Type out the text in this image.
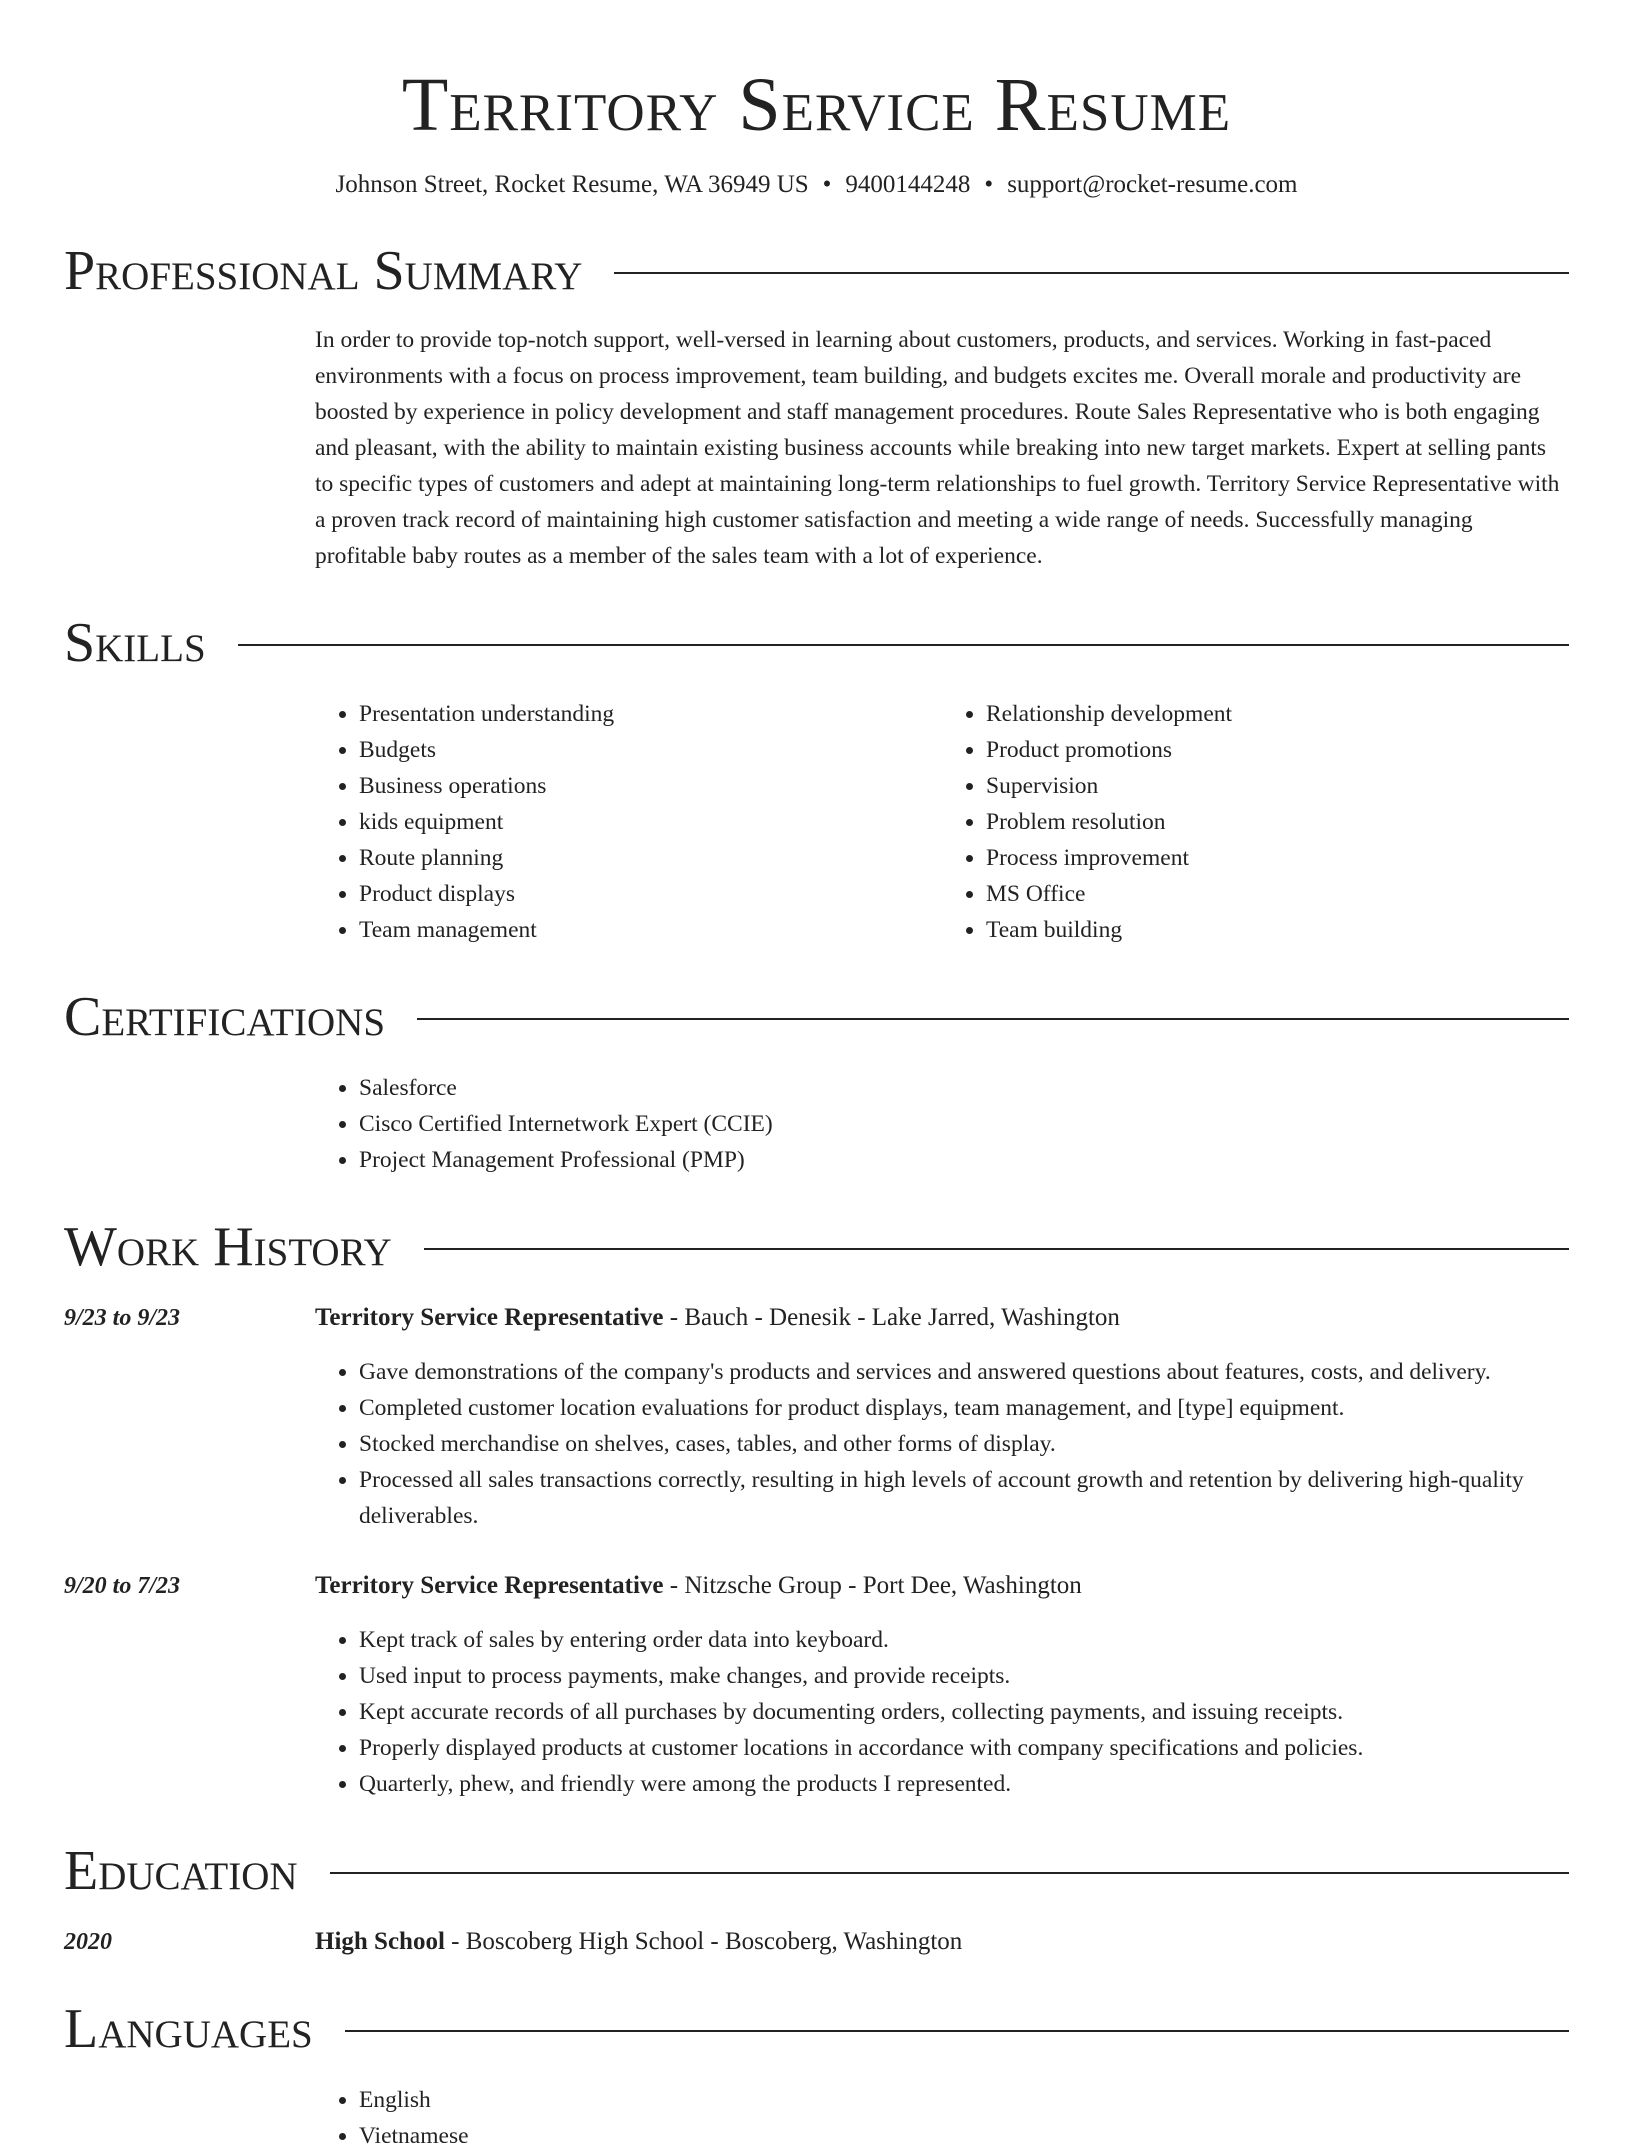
Territory Service Resume
Johnson Street, Rocket Resume, WA 36949 US • 9400144248 • support@rocket-resume.com
Professional Summary
In order to provide top-notch support, well-versed in learning about customers, products, and services. Working in fast-paced environments with a focus on process improvement, team building, and budgets excites me. Overall morale and productivity are boosted by experience in policy development and staff management procedures. Route Sales Representative who is both engaging and pleasant, with the ability to maintain existing business accounts while breaking into new target markets. Expert at selling pants to specific types of customers and adept at maintaining long-term relationships to fuel growth. Territory Service Representative with a proven track record of maintaining high customer satisfaction and meeting a wide range of needs. Successfully managing profitable baby routes as a member of the sales team with a lot of experience.
Skills
• Presentation understanding
• Budgets
• Business operations
• kids equipment
• Route planning
• Product displays
• Team management
• Relationship development
• Product promotions
• Supervision
• Problem resolution
• Process improvement
• MS Office
• Team building
Certifications
• Salesforce
• Cisco Certified Internetwork Expert (CCIE)
• Project Management Professional (PMP)
Work History
9/23 to 9/23	Territory Service Representative - Bauch - Denesik - Lake Jarred, Washington
• Gave demonstrations of the company's products and services and answered questions about features, costs, and delivery.
• Completed customer location evaluations for product displays, team management, and [type] equipment.
• Stocked merchandise on shelves, cases, tables, and other forms of display.
• Processed all sales transactions correctly, resulting in high levels of account growth and retention by delivering high-quality deliverables.
9/20 to 7/23	Territory Service Representative - Nitzsche Group - Port Dee, Washington
• Kept track of sales by entering order data into keyboard.
• Used input to process payments, make changes, and provide receipts.
• Kept accurate records of all purchases by documenting orders, collecting payments, and issuing receipts.
• Properly displayed products at customer locations in accordance with company specifications and policies.
• Quarterly, phew, and friendly were among the products I represented.
Education
2020	High School - Boscoberg High School - Boscoberg, Washington
Languages
• English
• Vietnamese
